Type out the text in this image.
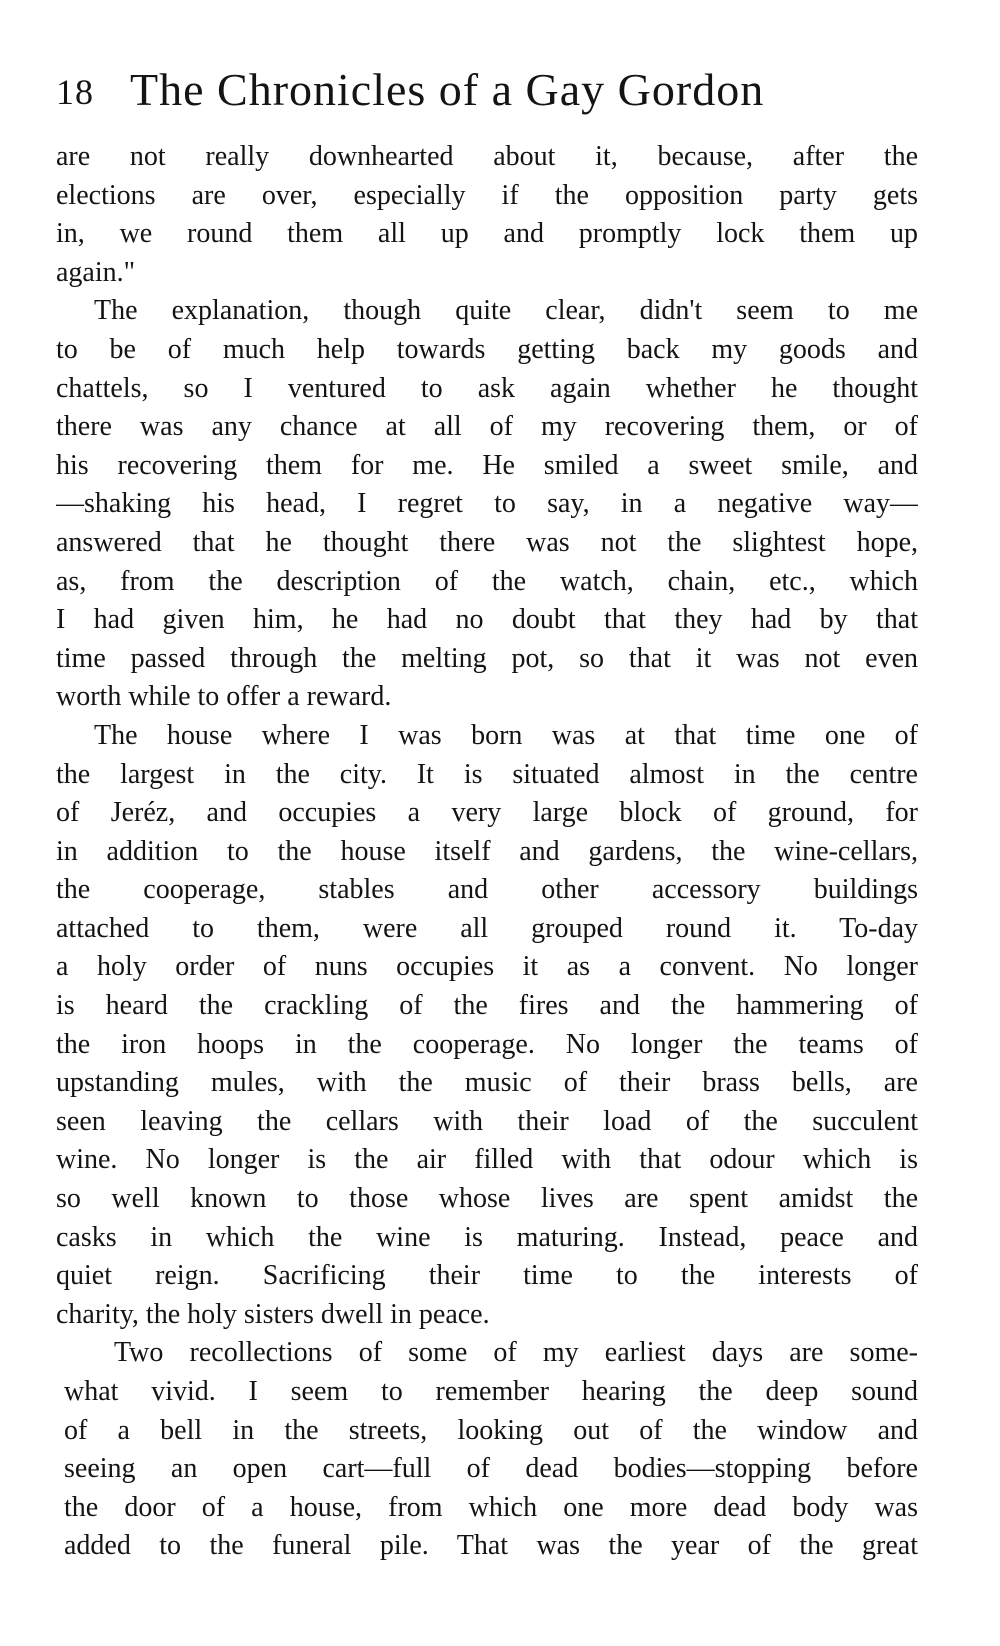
18 The Chronicles of a Gay Gordon
are not really downhearted about it, because, after the
elections are over, especially if the opposition party gets
in, we round them all up and promptly lock them up
again."
The explanation, though quite clear, didn't seem to me
to be of much help towards getting back my goods and
chattels, so I ventured to ask again whether he thought
there was any chance at all of my recovering them, or of
his recovering them for me. He smiled a sweet smile, and
—shaking his head, I regret to say, in a negative way—
answered that he thought there was not the slightest hope,
as, from the description of the watch, chain, etc., which
I had given him, he had no doubt that they had by that
time passed through the melting pot, so that it was not even
worth while to offer a reward.
The house where I was born was at that time one of
the largest in the city. It is situated almost in the centre
of Jeréz, and occupies a very large block of ground, for
in addition to the house itself and gardens, the wine-cellars,
the cooperage, stables and other accessory buildings
attached to them, were all grouped round it. To-day
a holy order of nuns occupies it as a convent. No longer
is heard the crackling of the fires and the hammering of
the iron hoops in the cooperage. No longer the teams of
upstanding mules, with the music of their brass bells, are
seen leaving the cellars with their load of the succulent
wine. No longer is the air filled with that odour which is
so well known to those whose lives are spent amidst the
casks in which the wine is maturing. Instead, peace and
quiet reign. Sacrificing their time to the interests of
charity, the holy sisters dwell in peace.
Two recollections of some of my earliest days are some-
what vivid. I seem to remember hearing the deep sound
of a bell in the streets, looking out of the window and
seeing an open cart—full of dead bodies—stopping before
the door of a house, from which one more dead body was
added to the funeral pile. That was the year of the great
